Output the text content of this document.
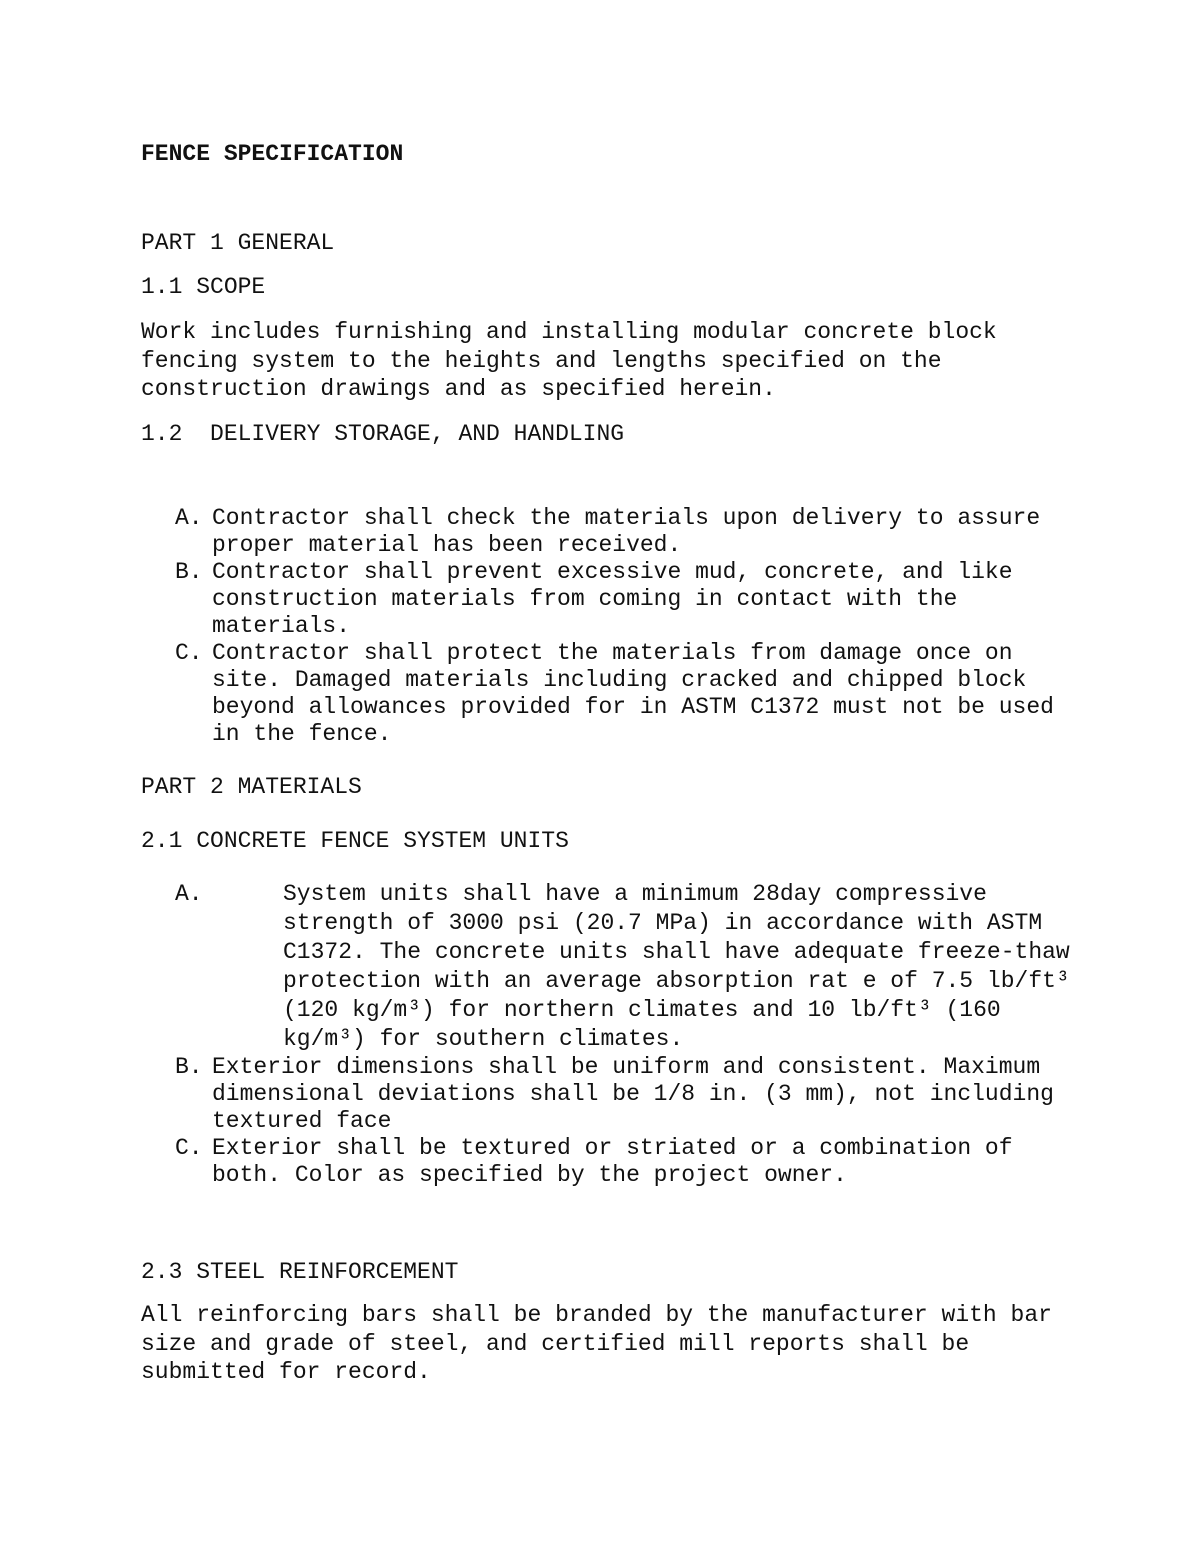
FENCE SPECIFICATION
PART 1 GENERAL
1.1 SCOPE
Work includes furnishing and installing modular concrete block fencing system to the heights and lengths specified on the construction drawings and as specified herein.
1.2  DELIVERY STORAGE, AND HANDLING
A. Contractor shall check the materials upon delivery to assure proper material has been received.
B. Contractor shall prevent excessive mud, concrete, and like construction materials from coming in contact with the materials.
C. Contractor shall protect the materials from damage once on site. Damaged materials including cracked and chipped block beyond allowances provided for in ASTM C1372 must not be used in the fence.
PART 2 MATERIALS
2.1 CONCRETE FENCE SYSTEM UNITS
A.	System units shall have a minimum 28day compressive strength of 3000 psi (20.7 MPa) in accordance with ASTM C1372. The concrete units shall have adequate freeze-thaw protection with an average absorption rat e of 7.5 lb/ft³ (120 kg/m³) for northern climates and 10 lb/ft³ (160 kg/m³) for southern climates.
B. Exterior dimensions shall be uniform and consistent. Maximum dimensional deviations shall be 1/8 in. (3 mm), not including textured face
C. Exterior shall be textured or striated or a combination of both. Color as specified by the project owner.
2.3 STEEL REINFORCEMENT
All reinforcing bars shall be branded by the manufacturer with bar size and grade of steel, and certified mill reports shall be submitted for record.
